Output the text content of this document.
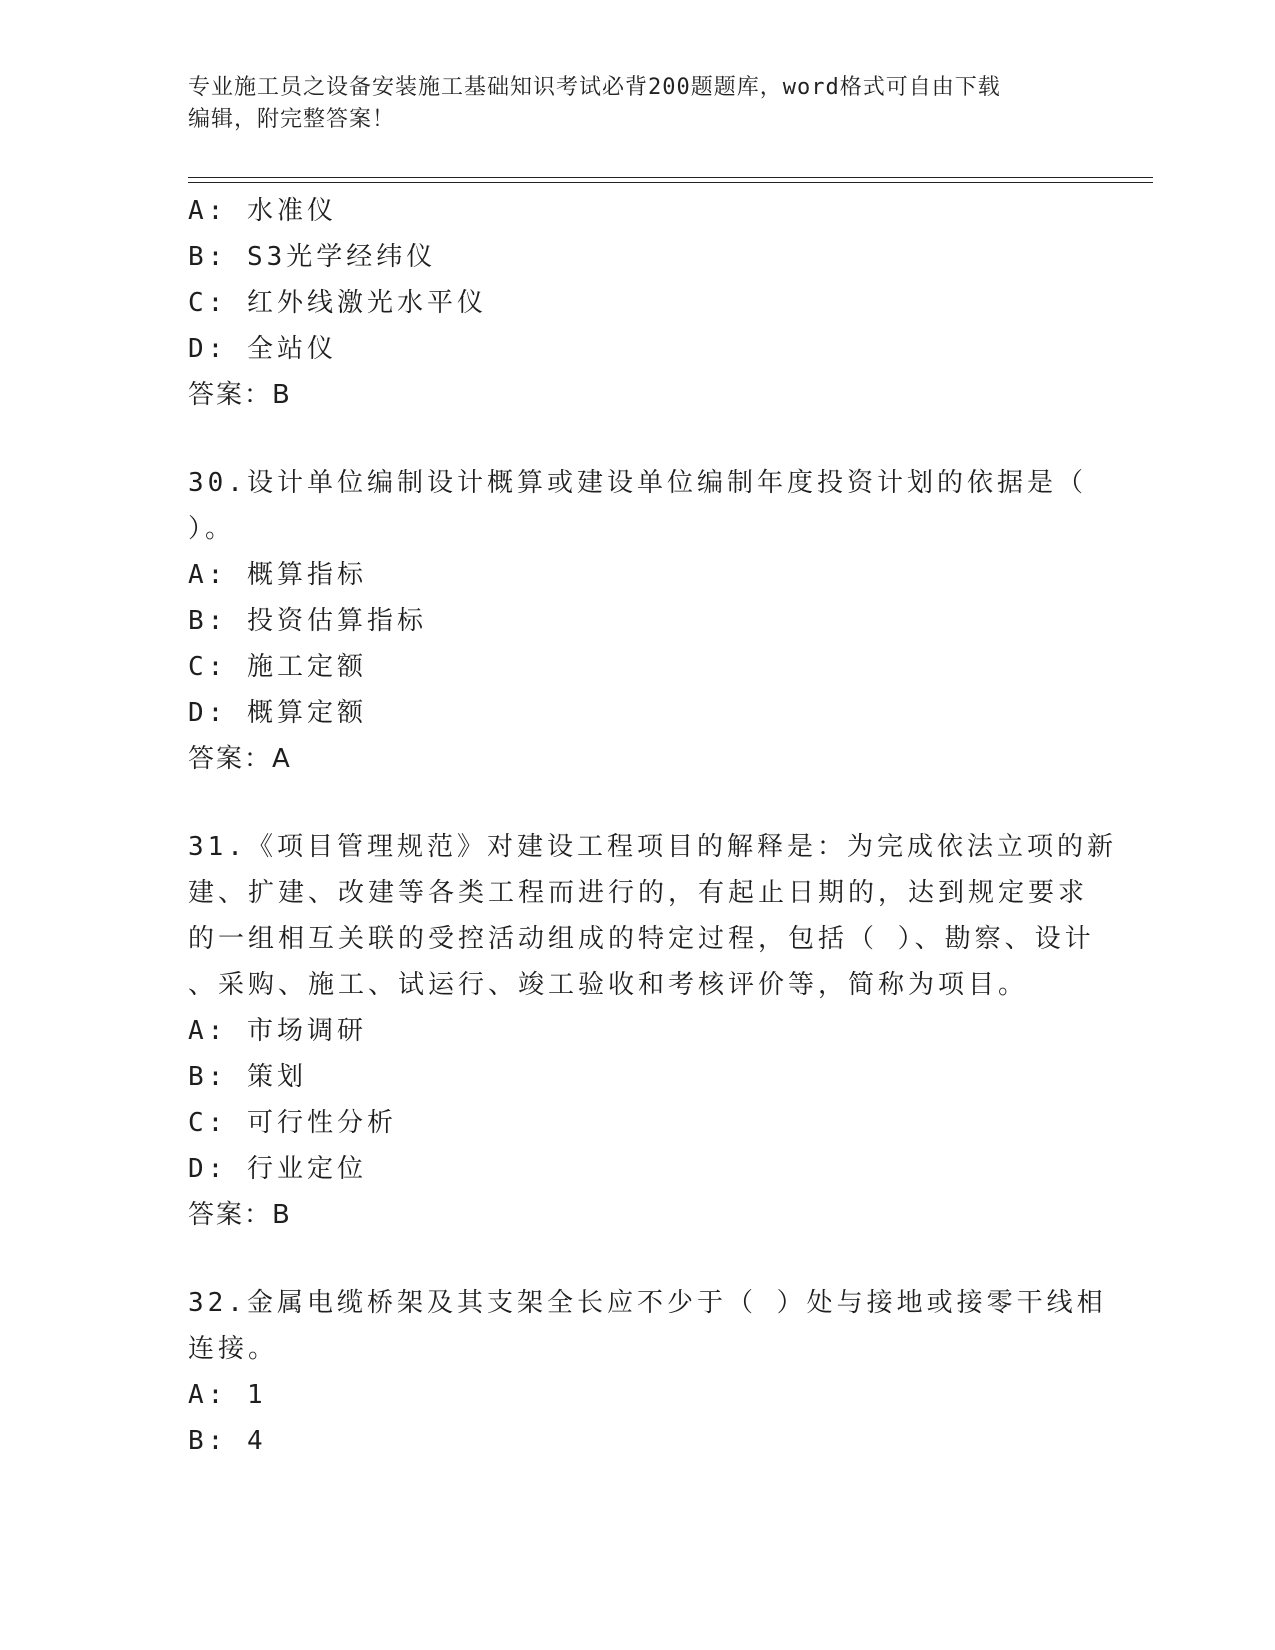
专业施工员之设备安装施工基础知识考试必背200题题库，word格式可自由下载
编辑，附完整答案！
A: 水准仪
B: S3光学经纬仪
C: 红外线激光水平仪
D: 全站仪
答案：B
30.设计单位编制设计概算或建设单位编制年度投资计划的依据是（
）。
A: 概算指标
B: 投资估算指标
C: 施工定额
D: 概算定额
答案：A
31.《项目管理规范》对建设工程项目的解释是：为完成依法立项的新
建、扩建、改建等各类工程而进行的，有起止日期的，达到规定要求
的一组相互关联的受控活动组成的特定过程，包括（ ）、勘察、设计
、采购、施工、试运行、竣工验收和考核评价等，简称为项目。
A: 市场调研
B: 策划
C: 可行性分析
D: 行业定位
答案：B
32.金属电缆桥架及其支架全长应不少于（ ）处与接地或接零干线相
连接。
A: 1
B: 4
